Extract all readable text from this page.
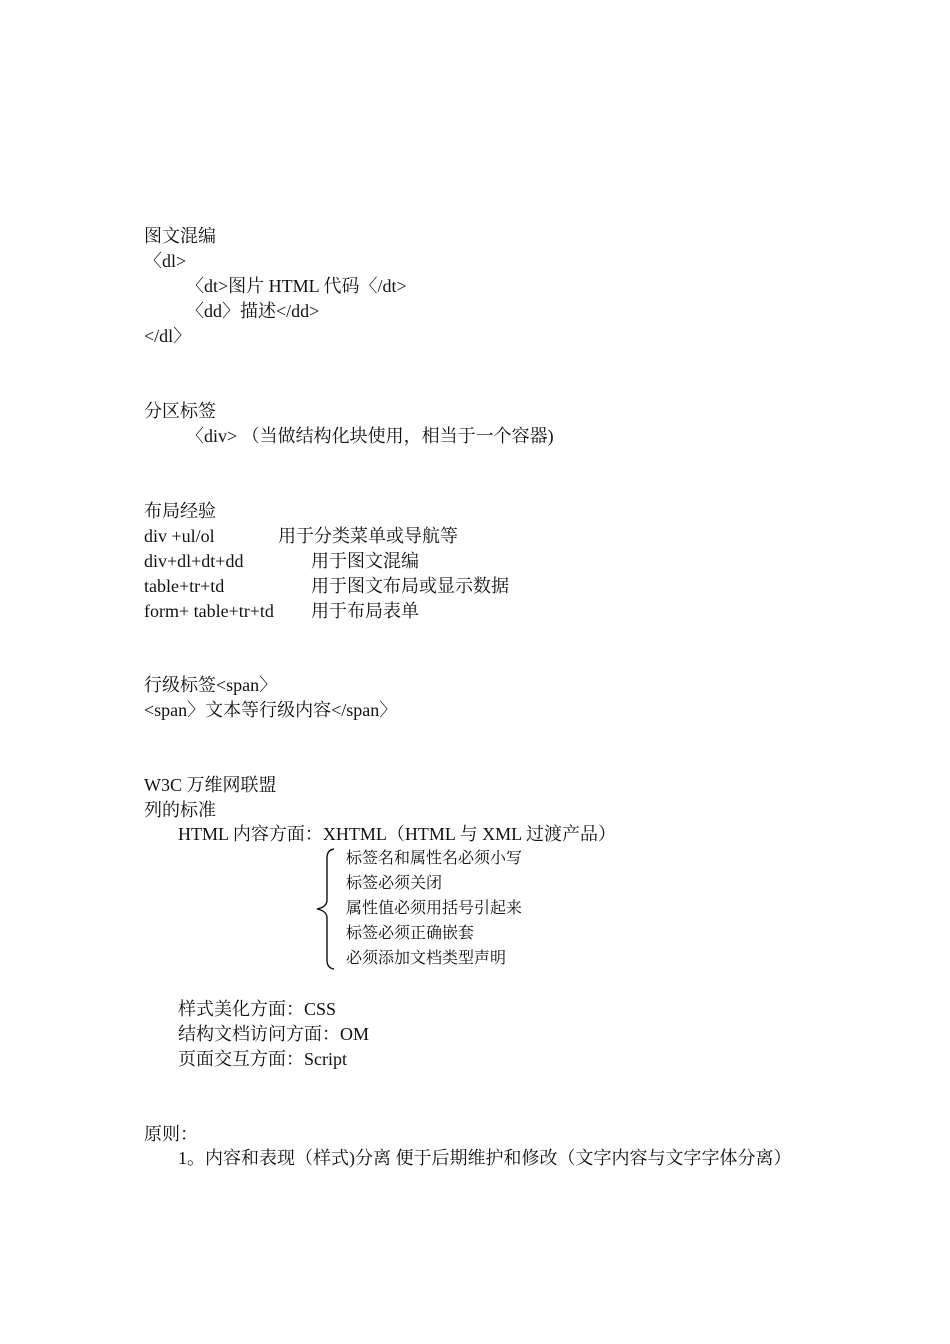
图文混编
〈dl>
〈dt>图片 HTML 代码〈/dt>
〈dd〉描述</dd>
</dl〉
分区标签
〈div> （当做结构化块使用，相当于一个容器)
布局经验
div +ul/ol	用于分类菜单或导航等
div+dl+dt+dd	用于图文混编
table+tr+td	用于图文布局或显示数据
form+ table+tr+td 用于布局表单
行级标签<span〉
<span〉文本等行级内容</span〉
W3C 万维网联盟
列的标准
HTML 内容方面：XHTML（HTML 与 XML 过渡产品）
标签名和属性名必须小写
标签必须关闭
属性值必须用括号引起来
标签必须正确嵌套
必须添加文档类型声明
样式美化方面：CSS
结构文档访问方面：OM
页面交互方面：Script
原则：
1。内容和表现（样式)分离 便于后期维护和修改（文字内容与文字字体分离）
